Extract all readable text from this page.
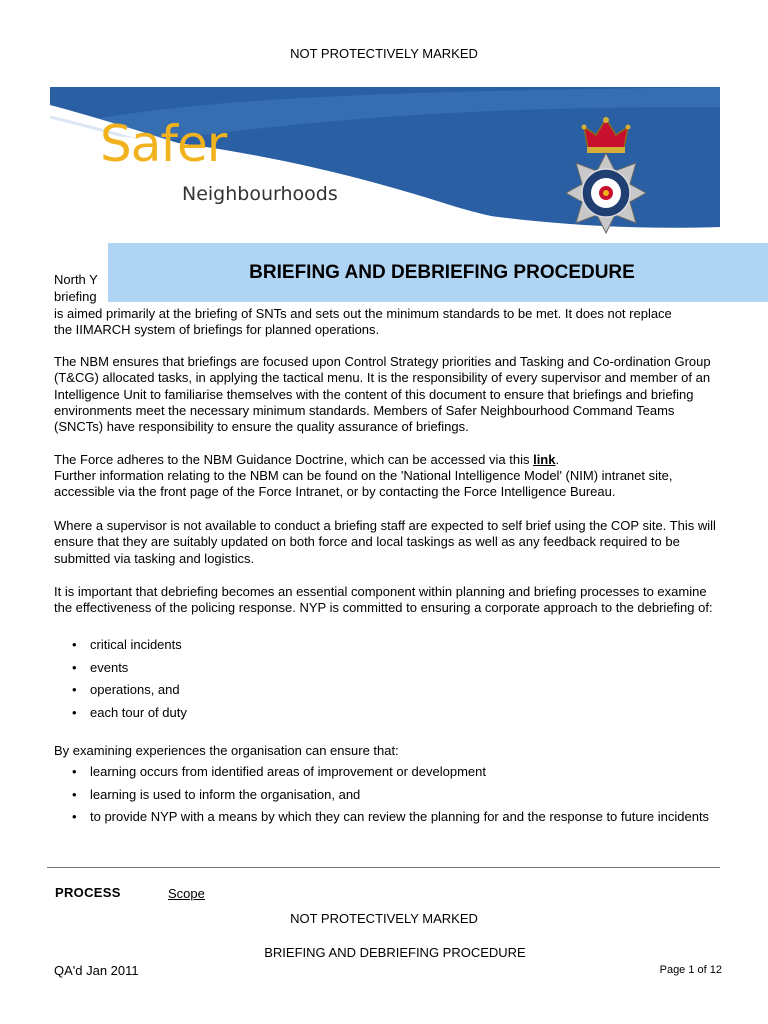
NOT PROTECTIVELY MARKED
Safer
Neighbourhoods
BRIEFING AND DEBRIEFING PROCEDURE
North Y
briefing
is aimed primarily at the briefing of SNTs and sets out the minimum standards to be met. It does not replace
the IIMARCH system of briefings for planned operations.
The NBM ensures that briefings are focused upon Control Strategy priorities and Tasking and Co-ordination Group (T&CG) allocated tasks, in applying the tactical menu. It is the responsibility of every supervisor and member of an Intelligence Unit to familiarise themselves with the content of this document to ensure that briefings and briefing environments meet the necessary minimum standards. Members of Safer Neighbourhood Command Teams (SNCTs) have responsibility to ensure the quality assurance of briefings.
The Force adheres to the NBM Guidance Doctrine, which can be accessed via this link.
Further information relating to the NBM can be found on the 'National Intelligence Model' (NIM) intranet site, accessible via the front page of the Force Intranet, or by contacting the Force Intelligence Bureau.
Where a supervisor is not available to conduct a briefing staff are expected to self brief using the COP site. This will ensure that they are suitably updated on both force and local taskings as well as any feedback required to be submitted via tasking and logistics.
It is important that debriefing becomes an essential component within planning and briefing processes to examine the effectiveness of the policing response. NYP is committed to ensuring a corporate approach to the debriefing of:
• critical incidents
• events
• operations, and
• each tour of duty
By examining experiences the organisation can ensure that:
• learning occurs from identified areas of improvement or development
• learning is used to inform the organisation, and
• to provide NYP with a means by which they can review the planning for and the response to future incidents
PROCESS	Scope
NOT PROTECTIVELY MARKED
BRIEFING AND DEBRIEFING PROCEDURE
QA'd Jan 2011	Page 1 of 12
